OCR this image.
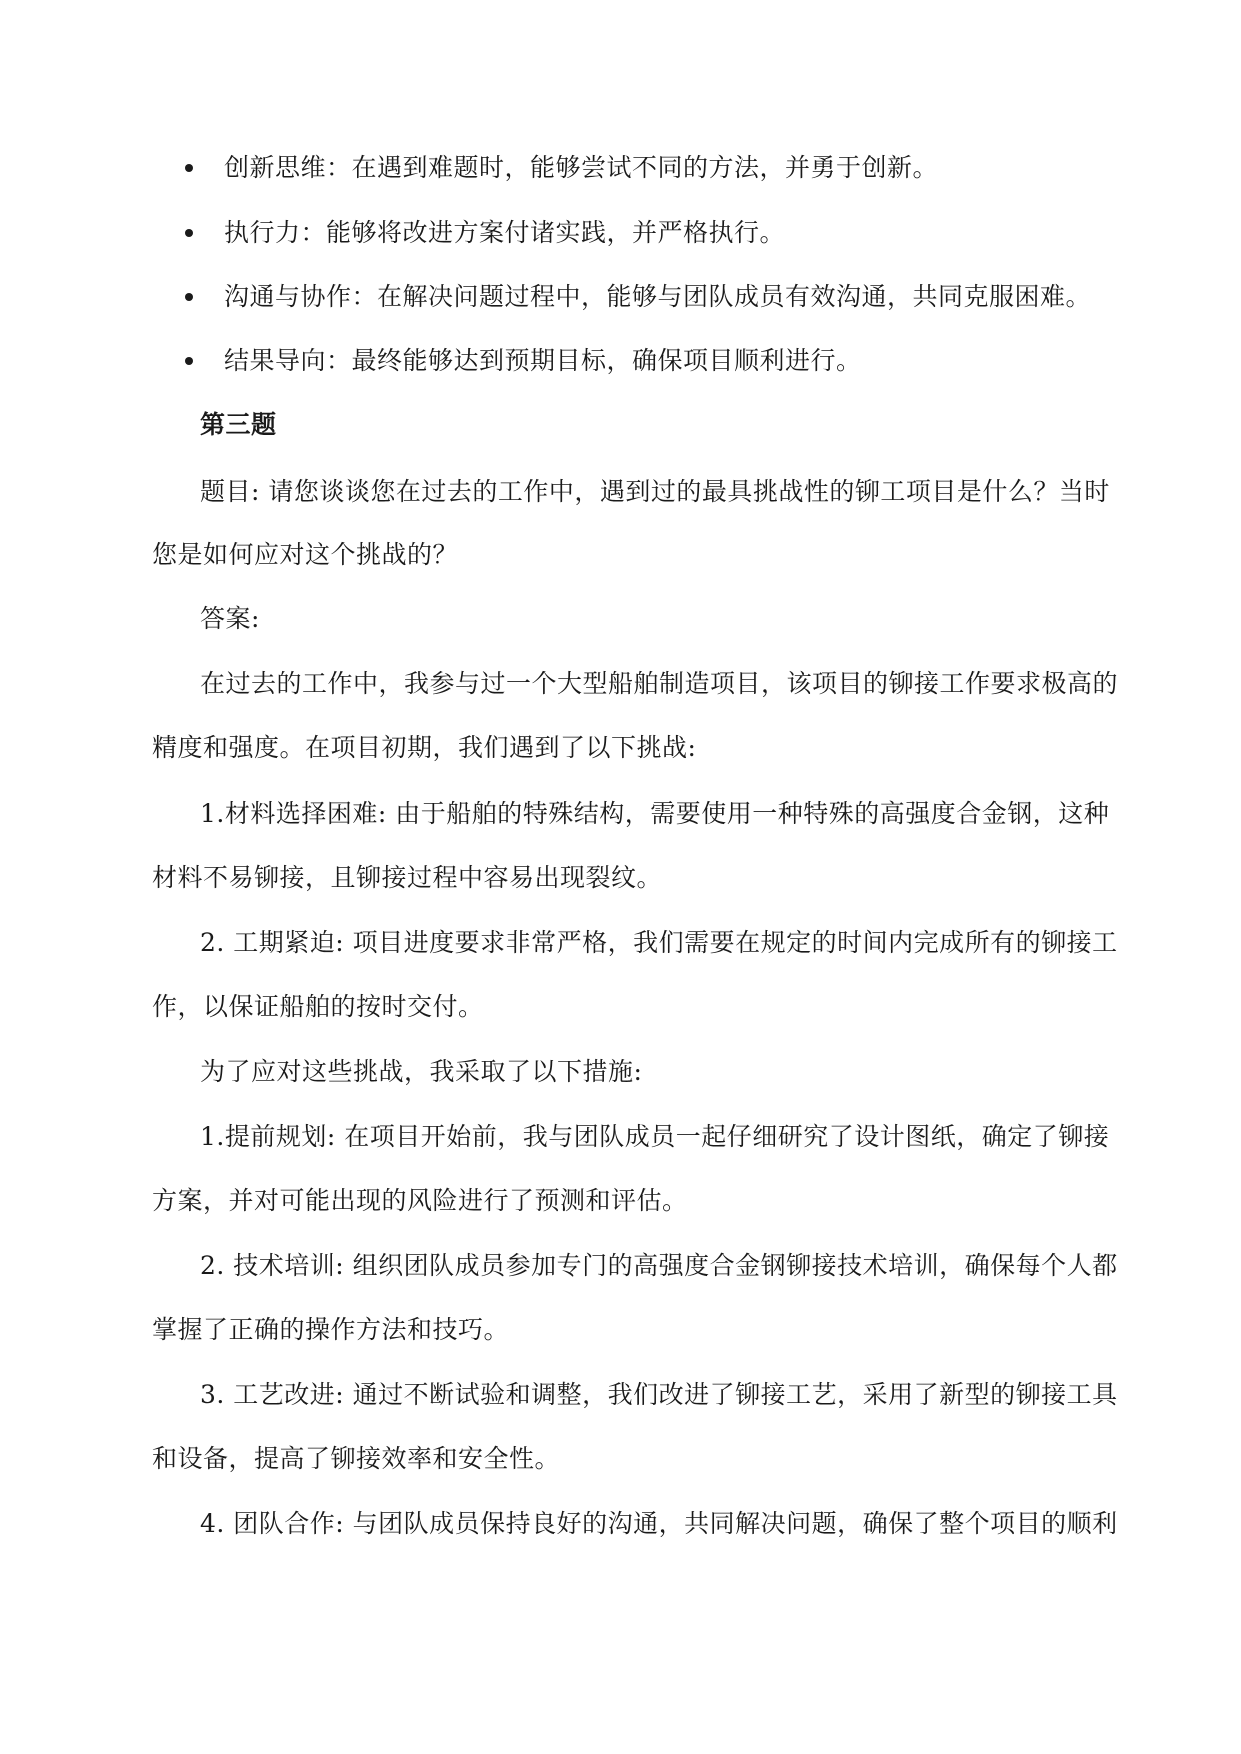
创新思维：在遇到难题时，能够尝试不同的方法，并勇于创新。
执行力：能够将改进方案付诸实践，并严格执行。
沟通与协作：在解决问题过程中，能够与团队成员有效沟通，共同克服困难。
结果导向：最终能够达到预期目标，确保项目顺利进行。
第三题
题目: 请您谈谈您在过去的工作中，遇到过的最具挑战性的铆工项目是什么？当时
您是如何应对这个挑战的？
答案:
在过去的工作中，我参与过一个大型船舶制造项目，该项目的铆接工作要求极高的
精度和强度。在项目初期，我们遇到了以下挑战:
1.材料选择困难: 由于船舶的特殊结构，需要使用一种特殊的高强度合金钢，这种
材料不易铆接，且铆接过程中容易出现裂纹。
2. 工期紧迫: 项目进度要求非常严格，我们需要在规定的时间内完成所有的铆接工
作，以保证船舶的按时交付。
为了应对这些挑战，我采取了以下措施:
1.提前规划: 在项目开始前，我与团队成员一起仔细研究了设计图纸，确定了铆接
方案，并对可能出现的风险进行了预测和评估。
2. 技术培训: 组织团队成员参加专门的高强度合金钢铆接技术培训，确保每个人都
掌握了正确的操作方法和技巧。
3. 工艺改进: 通过不断试验和调整，我们改进了铆接工艺，采用了新型的铆接工具
和设备，提高了铆接效率和安全性。
4. 团队合作: 与团队成员保持良好的沟通，共同解决问题，确保了整个项目的顺利
